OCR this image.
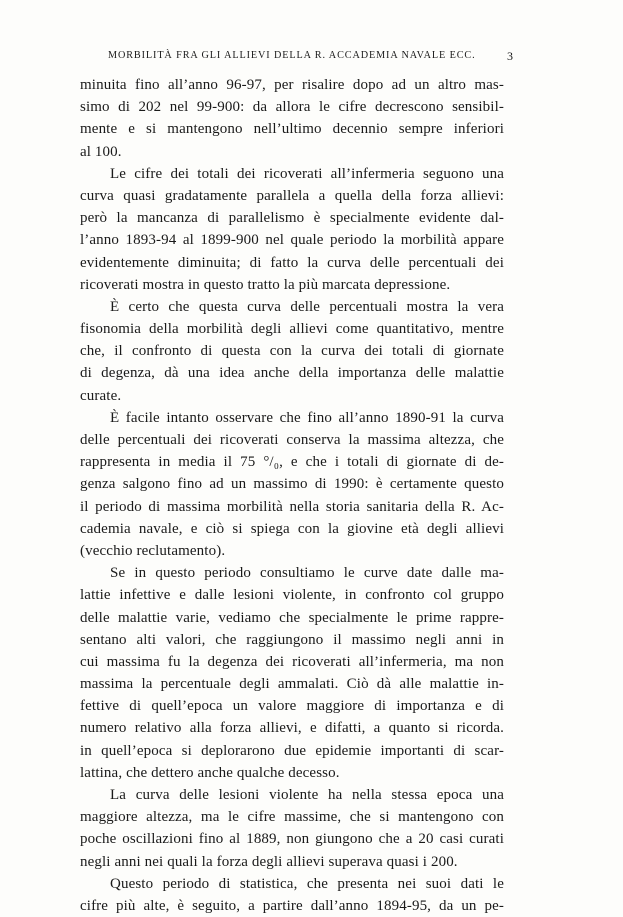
MORBILITÀ FRA GLI ALLIEVI DELLA R. ACCADEMIA NAVALE ECC.	3
minuita fino all’anno 96-97, per risalire dopo ad un altro mas-
simo di 202 nel 99-900: da allora le cifre decrescono sensibil-
mente e si mantengono nell’ultimo decennio sempre inferiori
al 100.
Le cifre dei totali dei ricoverati all’infermeria seguono una
curva quasi gradatamente parallela a quella della forza allievi:
però la mancanza di parallelismo è specialmente evidente dal-
l’anno 1893-94 al 1899-900 nel quale periodo la morbilità appare
evidentemente diminuita; di fatto la curva delle percentuali dei
ricoverati mostra in questo tratto la più marcata depressione.
È certo che questa curva delle percentuali mostra la vera
fisonomia della morbilità degli allievi come quantitativo, mentre
che, il confronto di questa con la curva dei totali di giornate
di degenza, dà una idea anche della importanza delle malattie
curate.
È facile intanto osservare che fino all’anno 1890-91 la curva
delle percentuali dei ricoverati conserva la massima altezza, che
rappresenta in media il 75 °/₀, e che i totali di giornate di de-
genza salgono fino ad un massimo di 1990: è certamente questo
il periodo di massima morbilità nella storia sanitaria della R. Ac-
cademia navale, e ciò si spiega con la giovine età degli allievi
(vecchio reclutamento).
Se in questo periodo consultiamo le curve date dalle ma-
lattie infettive e dalle lesioni violente, in confronto col gruppo
delle malattie varie, vediamo che specialmente le prime rappre-
sentano alti valori, che raggiungono il massimo negli anni in
cui massima fu la degenza dei ricoverati all’infermeria, ma non
massima la percentuale degli ammalati. Ciò dà alle malattie in-
fettive di quell’epoca un valore maggiore di importanza e di
numero relativo alla forza allievi, e difatti, a quanto si ricorda.
in quell’epoca si deplorarono due epidemie importanti di scar-
lattina, che dettero anche qualche decesso.
La curva delle lesioni violente ha nella stessa epoca una
maggiore altezza, ma le cifre massime, che si mantengono con
poche oscillazioni fino al 1889, non giungono che a 20 casi curati
negli anni nei quali la forza degli allievi superava quasi i 200.
Questo periodo di statistica, che presenta nei suoi dati le
cifre più alte, è seguito, a partire dall’anno 1894-95, da un pe-
